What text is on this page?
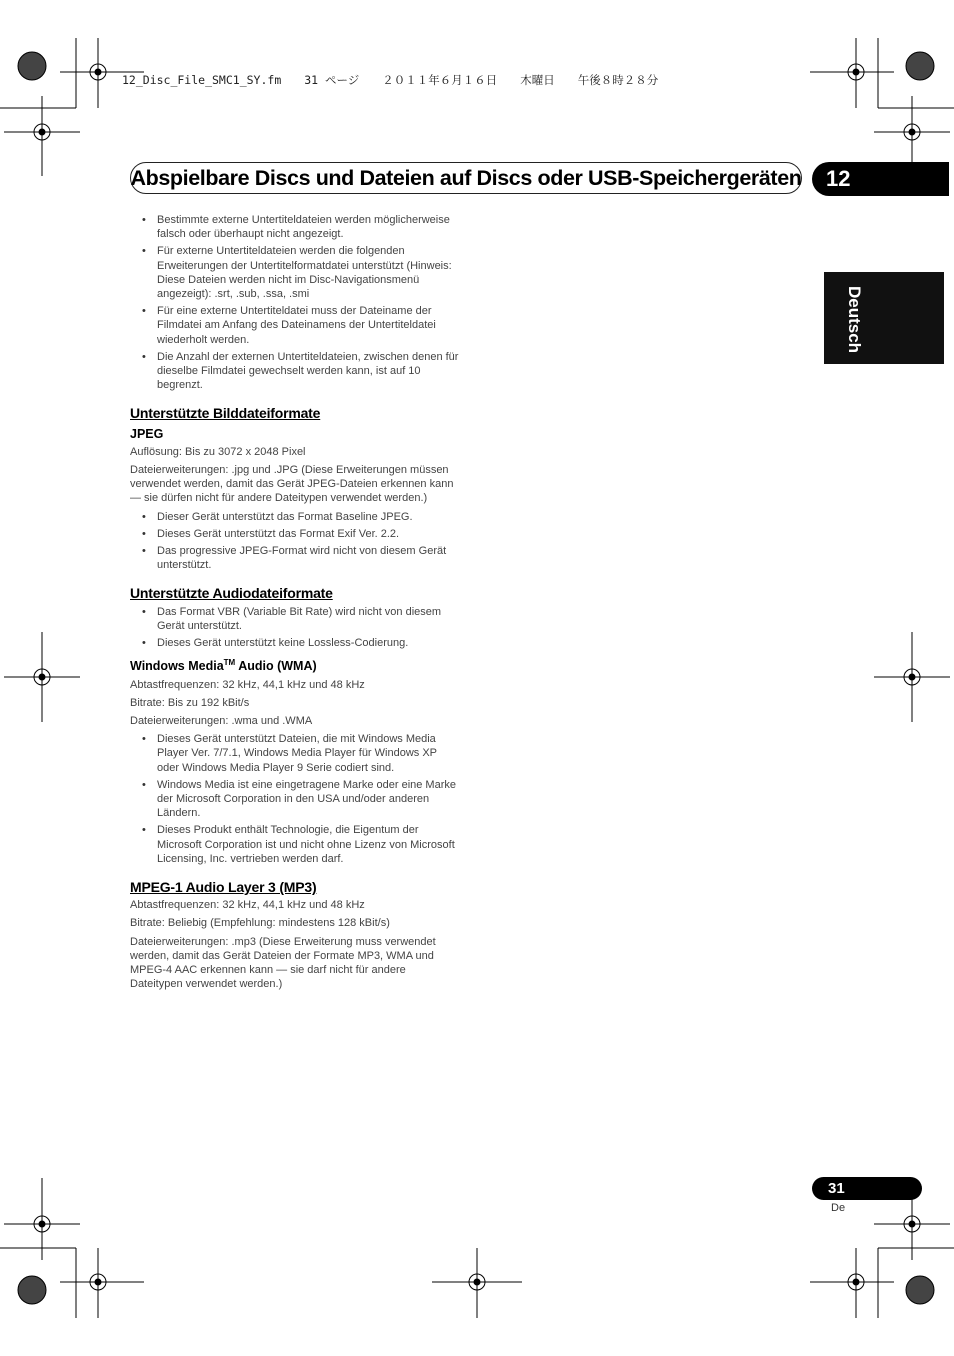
12_Disc_File_SMC1_SY.fm　　31 ページ　　２０１１年６月１６日　　木曜日　　午後８時２８分
Abspielbare Discs und Dateien auf Discs oder USB-Speichergeräten	12
Deutsch
• Bestimmte externe Untertiteldateien werden möglicherweise falsch oder überhaupt nicht angezeigt.
• Für externe Untertiteldateien werden die folgenden Erweiterungen der Untertitelformatdatei unterstützt (Hinweis: Diese Dateien werden nicht im Disc-Navigationsmenü angezeigt): .srt, .sub, .ssa, .smi
• Für eine externe Untertiteldatei muss der Dateiname der Filmdatei am Anfang des Dateinamens der Untertiteldatei wiederholt werden.
• Die Anzahl der externen Untertiteldateien, zwischen denen für dieselbe Filmdatei gewechselt werden kann, ist auf 10 begrenzt.
Unterstützte Bilddateiformate
JPEG

Auflösung: Bis zu 3072 x 2048 Pixel

Dateierweiterungen: .jpg und .JPG (Diese Erweiterungen müssen verwendet werden, damit das Gerät JPEG-Dateien erkennen kann — sie dürfen nicht für andere Dateitypen verwendet werden.)

• Dieser Gerät unterstützt das Format Baseline JPEG.
• Dieses Gerät unterstützt das Format Exif Ver. 2.2.
• Das progressive JPEG-Format wird nicht von diesem Gerät unterstützt.
Unterstützte Audiodateiformate
• Das Format VBR (Variable Bit Rate) wird nicht von diesem Gerät unterstützt.
• Dieses Gerät unterstützt keine Lossless-Codierung.
Windows Media™ Audio (WMA)

Abtastfrequenzen: 32 kHz, 44,1 kHz und 48 kHz

Bitrate: Bis zu 192 kBit/s

Dateierweiterungen: .wma und .WMA

• Dieses Gerät unterstützt Dateien, die mit Windows Media Player Ver. 7/7.1, Windows Media Player für Windows XP oder Windows Media Player 9 Serie codiert sind.
• Windows Media ist eine eingetragene Marke oder eine Marke der Microsoft Corporation in den USA und/oder anderen Ländern.
• Dieses Produkt enthält Technologie, die Eigentum der Microsoft Corporation ist und nicht ohne Lizenz von Microsoft Licensing, Inc. vertrieben werden darf.
MPEG-1 Audio Layer 3 (MP3)

Abtastfrequenzen: 32 kHz, 44,1 kHz und 48 kHz

Bitrate: Beliebig (Empfehlung: mindestens 128 kBit/s)

Dateierweiterungen: .mp3 (Diese Erweiterung muss verwendet werden, damit das Gerät Dateien der Formate MP3, WMA und MPEG-4 AAC erkennen kann — sie darf nicht für andere Dateitypen verwendet werden.)

31
De
